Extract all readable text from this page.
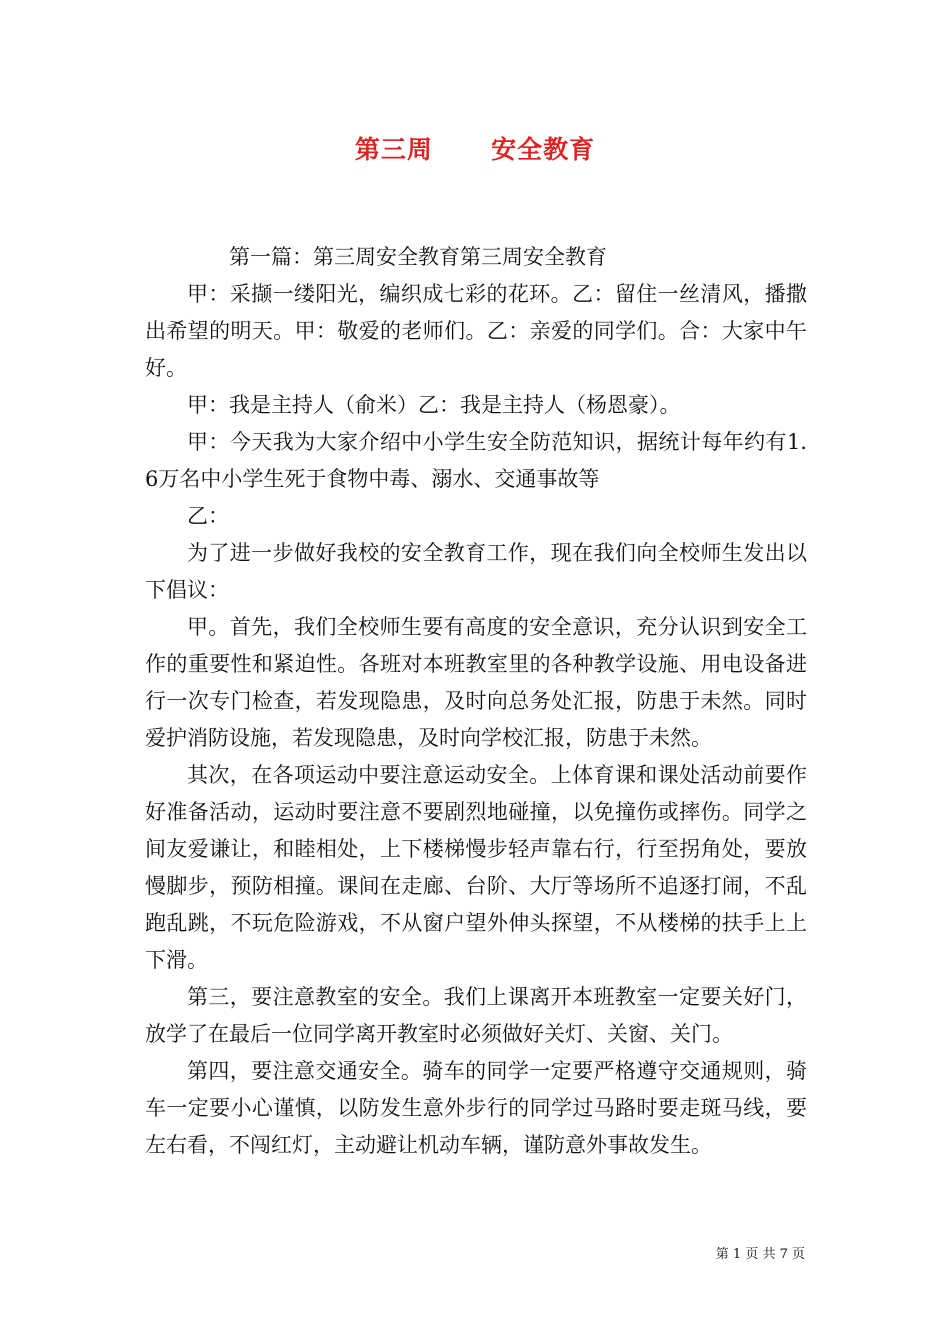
第三周      安全教育

第一篇：第三周安全教育第三周安全教育

甲：采撷一缕阳光，编织成七彩的花环。乙：留住一丝清风，播撒出希望的明天。甲：敬爱的老师们。乙：亲爱的同学们。合：大家中午好。

甲：我是主持人（俞米）乙：我是主持人（杨恩豪）。

甲：今天我为大家介绍中小学生安全防范知识，据统计每年约有1.6万名中小学生死于食物中毒、溺水、交通事故等

乙：

为了进一步做好我校的安全教育工作，现在我们向全校师生发出以下倡议：

甲。首先，我们全校师生要有高度的安全意识，充分认识到安全工作的重要性和紧迫性。各班对本班教室里的各种教学设施、用电设备进行一次专门检查，若发现隐患，及时向总务处汇报，防患于未然。同时爱护消防设施，若发现隐患，及时向学校汇报，防患于未然。

其次，在各项运动中要注意运动安全。上体育课和课处活动前要作好准备活动，运动时要注意不要剧烈地碰撞，以免撞伤或摔伤。同学之间友爱谦让，和睦相处，上下楼梯慢步轻声靠右行，行至拐角处，要放慢脚步，预防相撞。课间在走廊、台阶、大厅等场所不追逐打闹，不乱跑乱跳，不玩危险游戏，不从窗户望外伸头探望，不从楼梯的扶手上上下滑。

第三，要注意教室的安全。我们上课离开本班教室一定要关好门，放学了在最后一位同学离开教室时必须做好关灯、关窗、关门。

第四，要注意交通安全。骑车的同学一定要严格遵守交通规则，骑车一定要小心谨慎，以防发生意外步行的同学过马路时要走斑马线，要左右看，不闯红灯，主动避让机动车辆，谨防意外事故发生。

第 1 页 共 7 页
